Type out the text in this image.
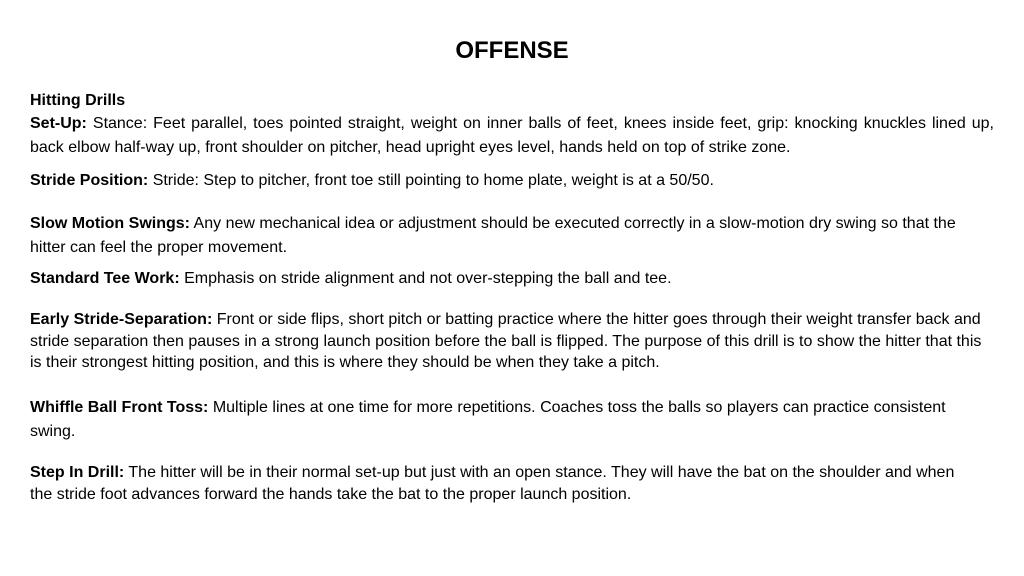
OFFENSE
Hitting Drills
Set-Up: Stance: Feet parallel, toes pointed straight, weight on inner balls of feet, knees inside feet, grip: knocking knuckles lined up, back elbow half-way up, front shoulder on pitcher, head upright eyes level, hands held on top of strike zone.
Stride Position: Stride: Step to pitcher, front toe still pointing to home plate, weight is at a 50/50.
Slow Motion Swings: Any new mechanical idea or adjustment should be executed correctly in a slow-motion dry swing so that the hitter can feel the proper movement.
Standard Tee Work: Emphasis on stride alignment and not over-stepping the ball and tee.
Early Stride-Separation: Front or side flips, short pitch or batting practice where the hitter goes through their weight transfer back and stride separation then pauses in a strong launch position before the ball is flipped. The purpose of this drill is to show the hitter that this is their strongest hitting position, and this is where they should be when they take a pitch.
Whiffle Ball Front Toss: Multiple lines at one time for more repetitions. Coaches toss the balls so players can practice consistent swing.
Step In Drill: The hitter will be in their normal set-up but just with an open stance. They will have the bat on the shoulder and when the stride foot advances forward the hands take the bat to the proper launch position.
